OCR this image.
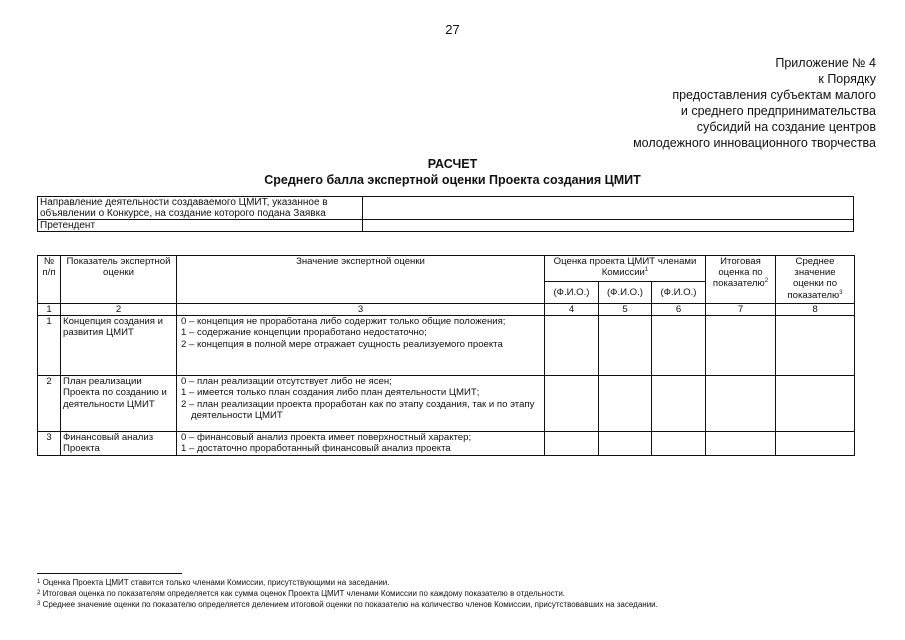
27
Приложение № 4
к Порядку
предоставления субъектам малого
и среднего предпринимательства
субсидий на создание центров
молодежного инновационного творчества
РАСЧЕТ
Среднего балла экспертной оценки Проекта создания ЦМИТ
Направление деятельности создаваемого ЦМИТ, указанное в объявлении о Конкурсе, на создание которого подана Заявка	
Претендент	
№ п/п	Показатель экспертной оценки	Значение экспертной оценки	Оценка проекта ЦМИТ членами Комиссии$^1$			Итоговая оценка по показателю$^2$	Среднее значение оценки по показателю$^3$
			(Ф.И.О.)	(Ф.И.О.)	(Ф.И.О.)		
1	2	3	4	5	6	7	8
1	Концепция создания и развития ЦМИТ	0 – концепция не проработана либо содержит только общие положения;
1 – содержание концепции проработано недостаточно;
2 – концепция в полной мере отражает сущность реализуемого проекта					

2	План реализации Проекта по созданию и деятельности ЦМИТ	0 – план реализации отсутствует либо не ясен;
1 – имеется только план создания либо план деятельности ЦМИТ;
2 – план реализации проекта проработан как по этапу создания, так и по этапу деятельности ЦМИТ					

3	Финансовый анализ Проекта	0 – финансовый анализ проекта имеет поверхностный характер;
1 – достаточно проработанный финансовый анализ проекта					

$^1$ Оценка Проекта ЦМИТ ставится только членами Комиссии, присутствующими на заседании.
$^2$ Итоговая оценка по показателям определяется как сумма оценок Проекта ЦМИТ членами Комиссии по каждому показателю в отдельности.
$^3$ Среднее значение оценки по показателю определяется делением итоговой оценки по показателю на количество членов Комиссии, присутствовавших на заседании.
